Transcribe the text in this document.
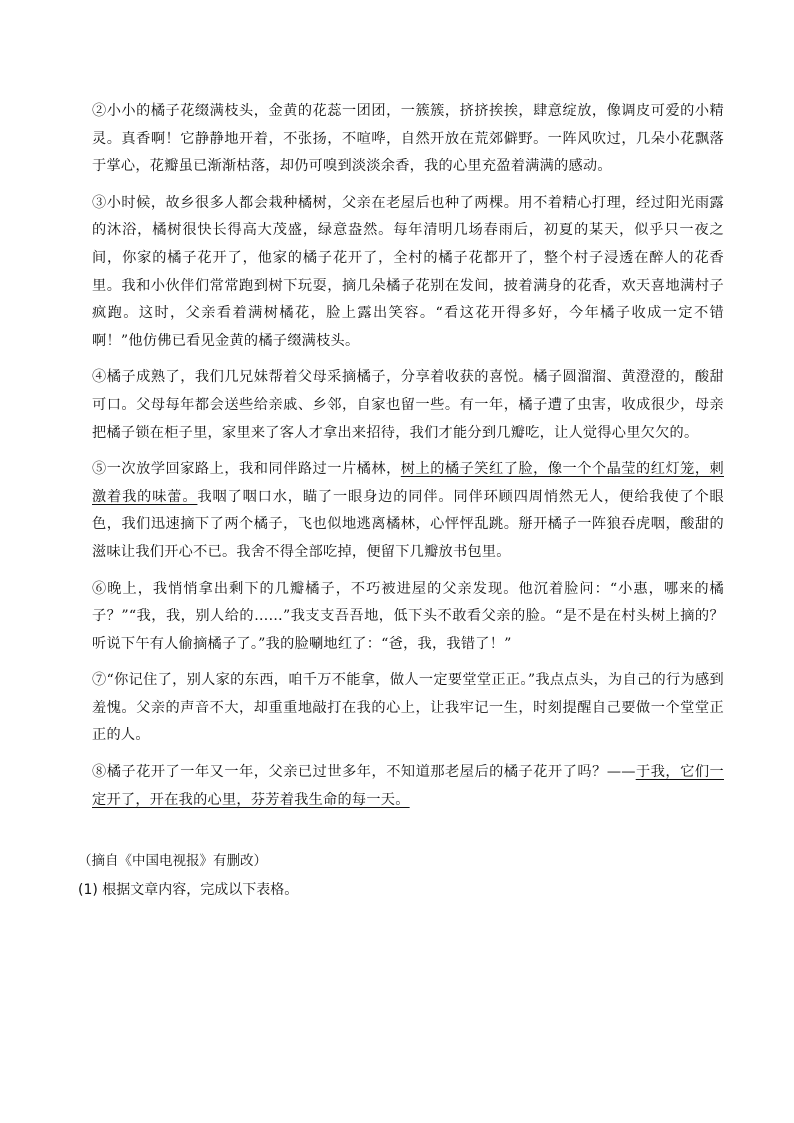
②小小的橘子花缀满枝头，金黄的花蕊一团团，一簇簇，挤挤挨挨，肆意绽放，像调皮可爱的小精灵。真香啊！它静静地开着，不张扬，不喧哗，自然开放在荒郊僻野。一阵风吹过，几朵小花飘落于掌心，花瓣虽已渐渐枯落，却仍可嗅到淡淡余香，我的心里充盈着满满的感动。

③小时候，故乡很多人都会栽种橘树，父亲在老屋后也种了两棵。用不着精心打理，经过阳光雨露的沐浴，橘树很快长得高大茂盛，绿意盎然。每年清明几场春雨后，初夏的某天，似乎只一夜之间，你家的橘子花开了，他家的橘子花开了，全村的橘子花都开了，整个村子浸透在醉人的花香里。我和小伙伴们常常跑到树下玩耍，摘几朵橘子花别在发间，披着满身的花香，欢天喜地满村子疯跑。这时，父亲看着满树橘花，脸上露出笑容。“看这花开得多好，今年橘子收成一定不错啊！”他仿佛已看见金黄的橘子缀满枝头。

④橘子成熟了，我们几兄妹帮着父母采摘橘子，分享着收获的喜悦。橘子圆溜溜、黄澄澄的，酸甜可口。父母每年都会送些给亲戚、乡邻，自家也留一些。有一年，橘子遭了虫害，收成很少，母亲把橘子锁在柜子里，家里来了客人才拿出来招待，我们才能分到几瓣吃，让人觉得心里欠欠的。

⑤一次放学回家路上，我和同伴路过一片橘林，树上的橘子笑红了脸，像一个个晶莹的红灯笼，刺激着我的味蕾。我咽了咽口水，瞄了一眼身边的同伴。同伴环顾四周悄然无人，便给我使了个眼色，我们迅速摘下了两个橘子，飞也似地逃离橘林，心怦怦乱跳。掰开橘子一阵狼吞虎咽，酸甜的滋味让我们开心不已。我舍不得全部吃掉，便留下几瓣放书包里。

⑥晚上，我悄悄拿出剩下的几瓣橘子，不巧被进屋的父亲发现。他沉着脸问：“小惠，哪来的橘子？”“我，我，别人给的……”我支支吾吾地，低下头不敢看父亲的脸。“是不是在村头树上摘的？听说下午有人偷摘橘子了。”我的脸唰地红了：“爸，我，我错了！”

⑦“你记住了，别人家的东西，咱千万不能拿，做人一定要堂堂正正。”我点点头，为自己的行为感到羞愧。父亲的声音不大，却重重地敲打在我的心上，让我牢记一生，时刻提醒自己要做一个堂堂正正的人。

⑧橘子花开了一年又一年，父亲已过世多年，不知道那老屋后的橘子花开了吗？——于我，它们一定开了，开在我的心里，芬芳着我生命的每一天。

（摘自《中国电视报》有删改）

(1) 根据文章内容，完成以下表格。
